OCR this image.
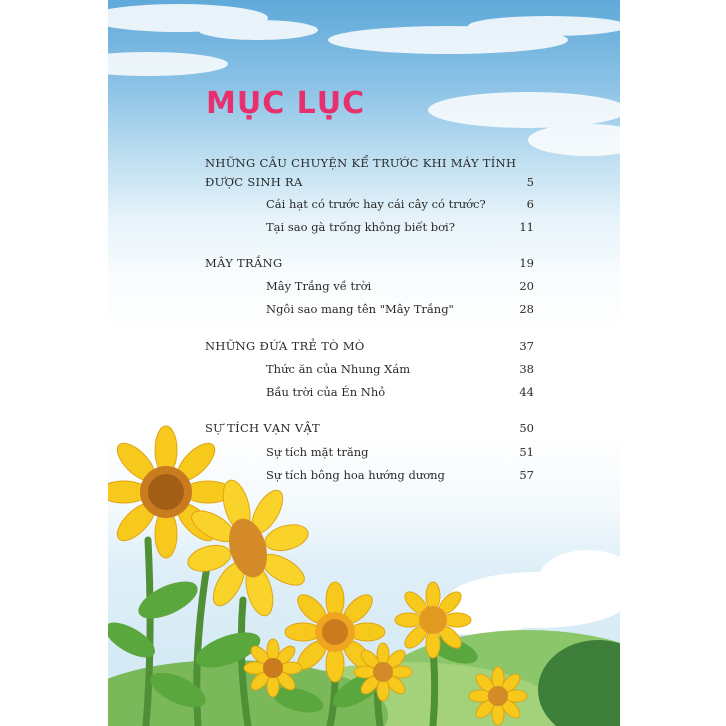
MỤC LỤC
NHỮNG CÂU CHUYỆN KỂ TRƯỚC KHI MÁY TÍNH
ĐƯỢC SINH RA	5
Cái hạt có trước hay cái cây có trước?	6
Tại sao gà trống không biết bơi?	11
MÂY TRẮNG	19
Mây Trắng về trời	20
Ngôi sao mang tên "Mây Trắng"	28
NHỮNG ĐỨA TRẺ TÒ MÒ	37
Thức ăn của Nhung Xám	38
Bầu trời của Én Nhỏ	44
SỰ TÍCH VẠN VẬT	50
Sự tích mặt trăng	51
Sự tích bông hoa hướng dương	57
